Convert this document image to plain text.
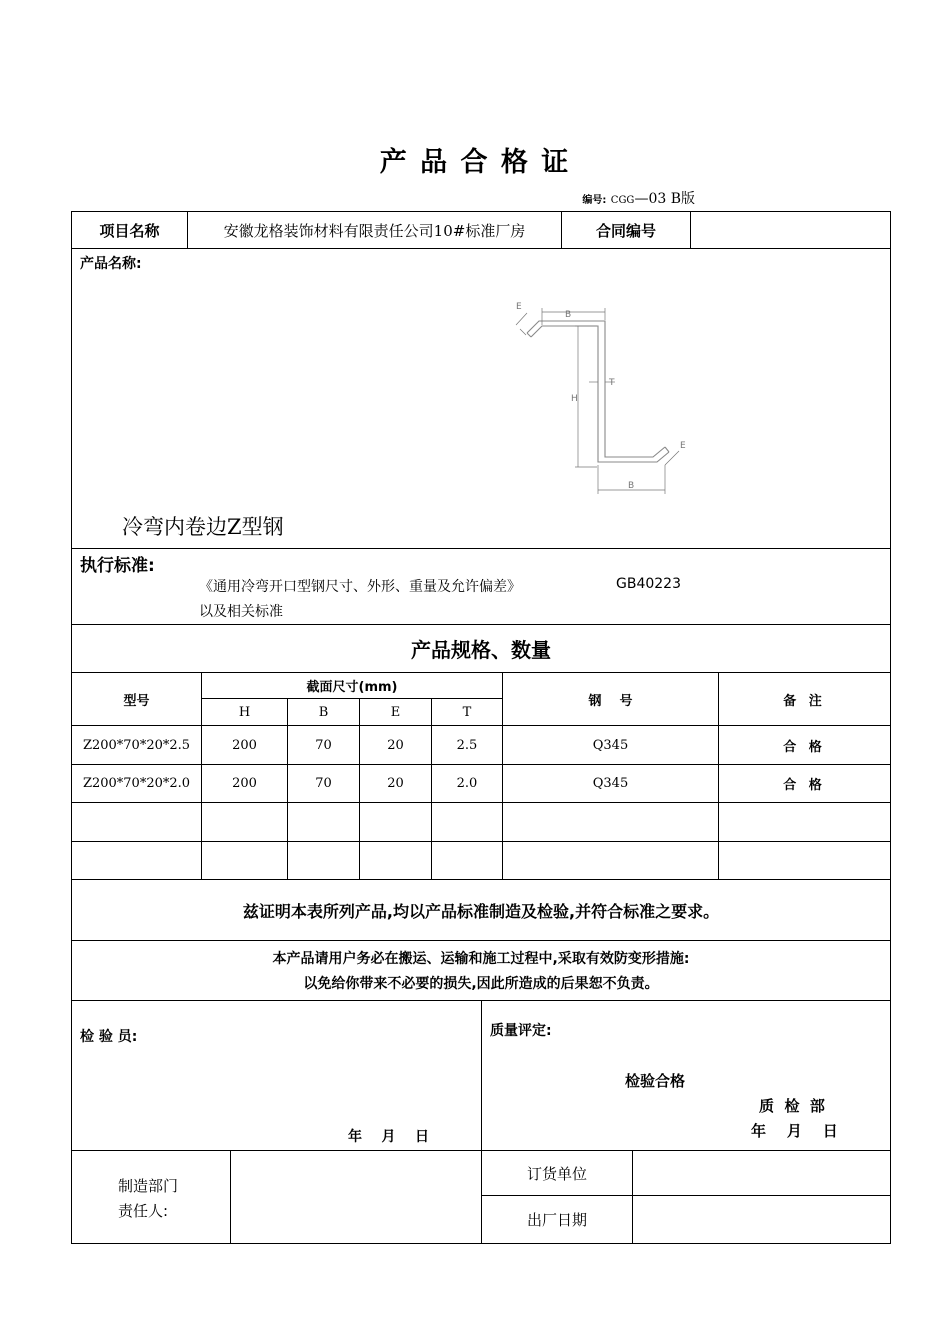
产 品 合 格 证
编号: CGG—03 B版
项目名称	安徽龙格装饰材料有限责任公司10#标准厂房	合同编号
产品名称:
B
H
B
T
E
E
冷弯内卷边Z型钢
执行标准:
《通用冷弯开口型钢尺寸、外形、重量及允许偏差》	GB40223
以及相关标准
产品规格、数量
型号
截面尺寸(mm)
H	B	E	T
钢    号	备 注
Z200*70*20*2.5	200	70	20	2.5	Q345	合 格
Z200*70*20*2.0	200	70	20	2.0	Q345	合 格
兹证明本表所列产品,均以产品标准制造及检验,并符合标准之要求。
本产品请用户务必在搬运、运输和施工过程中,采取有效防变形措施:
以免给你带来不必要的损失,因此所造成的后果恕不负责。
检 验 员:
年    月    日
质量评定:
检验合格
质  检  部
年    月    日
制造部门
责任人:
订货单位
出厂日期
